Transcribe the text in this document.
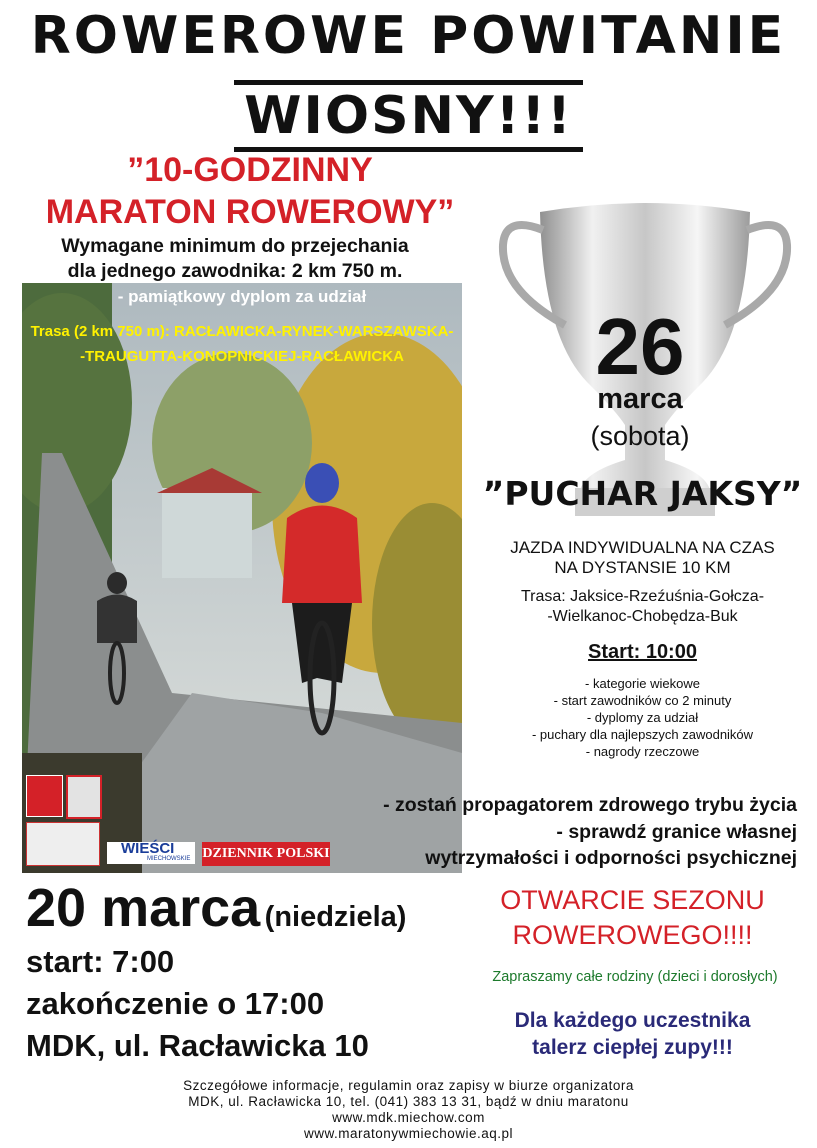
ROWEROWE POWITANIE
WIOSNY!!!
”10-GODZINNY
MARATON ROWEROWY”
Wymagane minimum do przejechania
dla jednego zawodnika: 2 km 750 m.
- pamiątkowy dyplom za udział
Trasa (2 km 750 m): RACŁAWICKA-RYNEK-WARSZAWSKA-
-TRAUGUTTA-KONOPNICKIEJ-RACŁAWICKA
WIEŚCI
MIECHOWSKIE DZIENNIK POLSKI
26
marca
(sobota)
”PUCHAR JAKSY”
JAZDA INDYWIDUALNA NA CZAS
NA DYSTANSIE 10 KM
Trasa: Jaksice-Rzeźuśnia-Gołcza-
-Wielkanoc-Chobędza-Buk
Start: 10:00
- kategorie wiekowe
- start zawodników co 2 minuty
- dyplomy za udział
- puchary dla najlepszych zawodników
- nagrody rzeczowe
- zostań propagatorem zdrowego trybu życia
- sprawdź granice własnej
wytrzymałości i odporności psychicznej
20 marca (niedziela)
start: 7:00
zakończenie o 17:00
MDK, ul. Racławicka 10
OTWARCIE SEZONU
ROWEROWEGO!!!!
Zapraszamy całe rodziny (dzieci i dorosłych)
Dla każdego uczestnika
talerz ciepłej zupy!!!
Szczegółowe informacje, regulamin oraz zapisy w biurze organizatora
MDK, ul. Racławicka 10, tel. (041) 383 13 31, bądź w dniu maratonu
www.mdk.miechow.com
www.maratonywmiechowie.aq.pl
